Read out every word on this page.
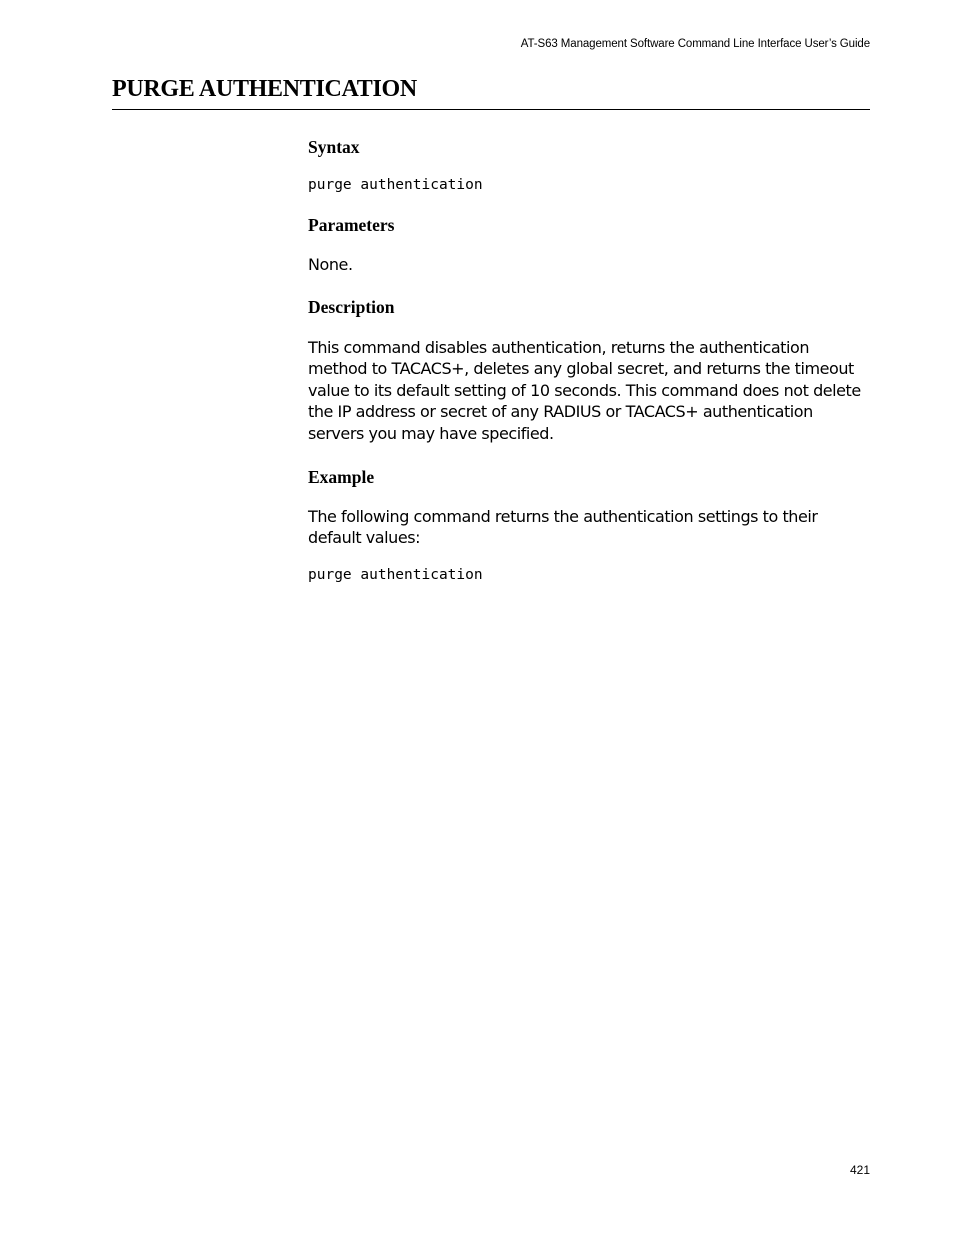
AT-S63 Management Software Command Line Interface User’s Guide
PURGE AUTHENTICATION
Syntax
purge authentication
Parameters

None.

Description

This command disables authentication, returns the authentication method to TACACS+, deletes any global secret, and returns the timeout value to its default setting of 10 seconds. This command does not delete the IP address or secret of any RADIUS or TACACS+ authentication servers you may have specified.

Example

The following command returns the authentication settings to their default values:

purge authentication
421
